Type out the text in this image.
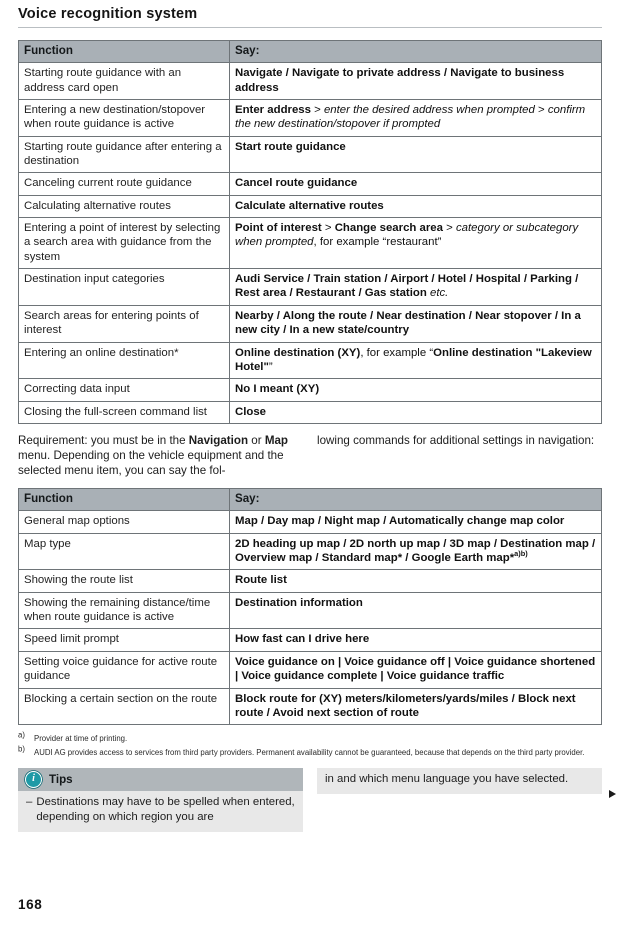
Voice recognition system
Function	Say:
Starting route guidance with an address card open	Navigate / Navigate to private address / Navigate to business address
Entering a new destination/stopover when route guidance is active	Enter address > enter the desired address when prompted > confirm the new destination/stopover if prompted
Starting route guidance after entering a destination	Start route guidance
Canceling current route guidance	Cancel route guidance
Calculating alternative routes	Calculate alternative routes
Entering a point of interest by selecting a search area with guidance from the system	Point of interest > Change search area > category or subcategory when prompted, for example “restaurant”
Destination input categories	Audi Service / Train station / Airport / Hotel / Hospital / Parking / Rest area / Restaurant / Gas station etc.
Search areas for entering points of interest	Nearby / Along the route / Near destination / Near stopover / In a new city / In a new state/country
Entering an online destination*	Online destination (XY), for example “Online destination "Lakeview Hotel"”
Correcting data input	No I meant (XY)
Closing the full-screen command list	Close
Requirement: you must be in the Navigation or Map menu. Depending on the vehicle equipment and the selected menu item, you can say the fol-
lowing commands for additional settings in navigation:
Function	Say:
General map options	Map / Day map / Night map / Automatically change map color
Map type	2D heading up map / 2D north up map / 3D map / Destination map / Overview map / Standard map* / Google Earth map*$^{a)b)}$
Showing the route list	Route list
Showing the remaining distance/time when route guidance is active	Destination information
Speed limit prompt	How fast can I drive here
Setting voice guidance for active route guidance	Voice guidance on | Voice guidance off | Voice guidance shortened | Voice guidance complete | Voice guidance traffic
Blocking a certain section on the route	Block route for (XY) meters/kilometers/yards/miles / Block next route / Avoid next section of route
$^{a)}$	Provider at time of printing.
$^{b)}$	AUDI AG provides access to services from third party providers. Permanent availability cannot be guaranteed, because that depends on the third party provider.
i	Tips
– Destinations may have to be spelled when entered, depending on which region you are
in and which menu language you have selected.
168
